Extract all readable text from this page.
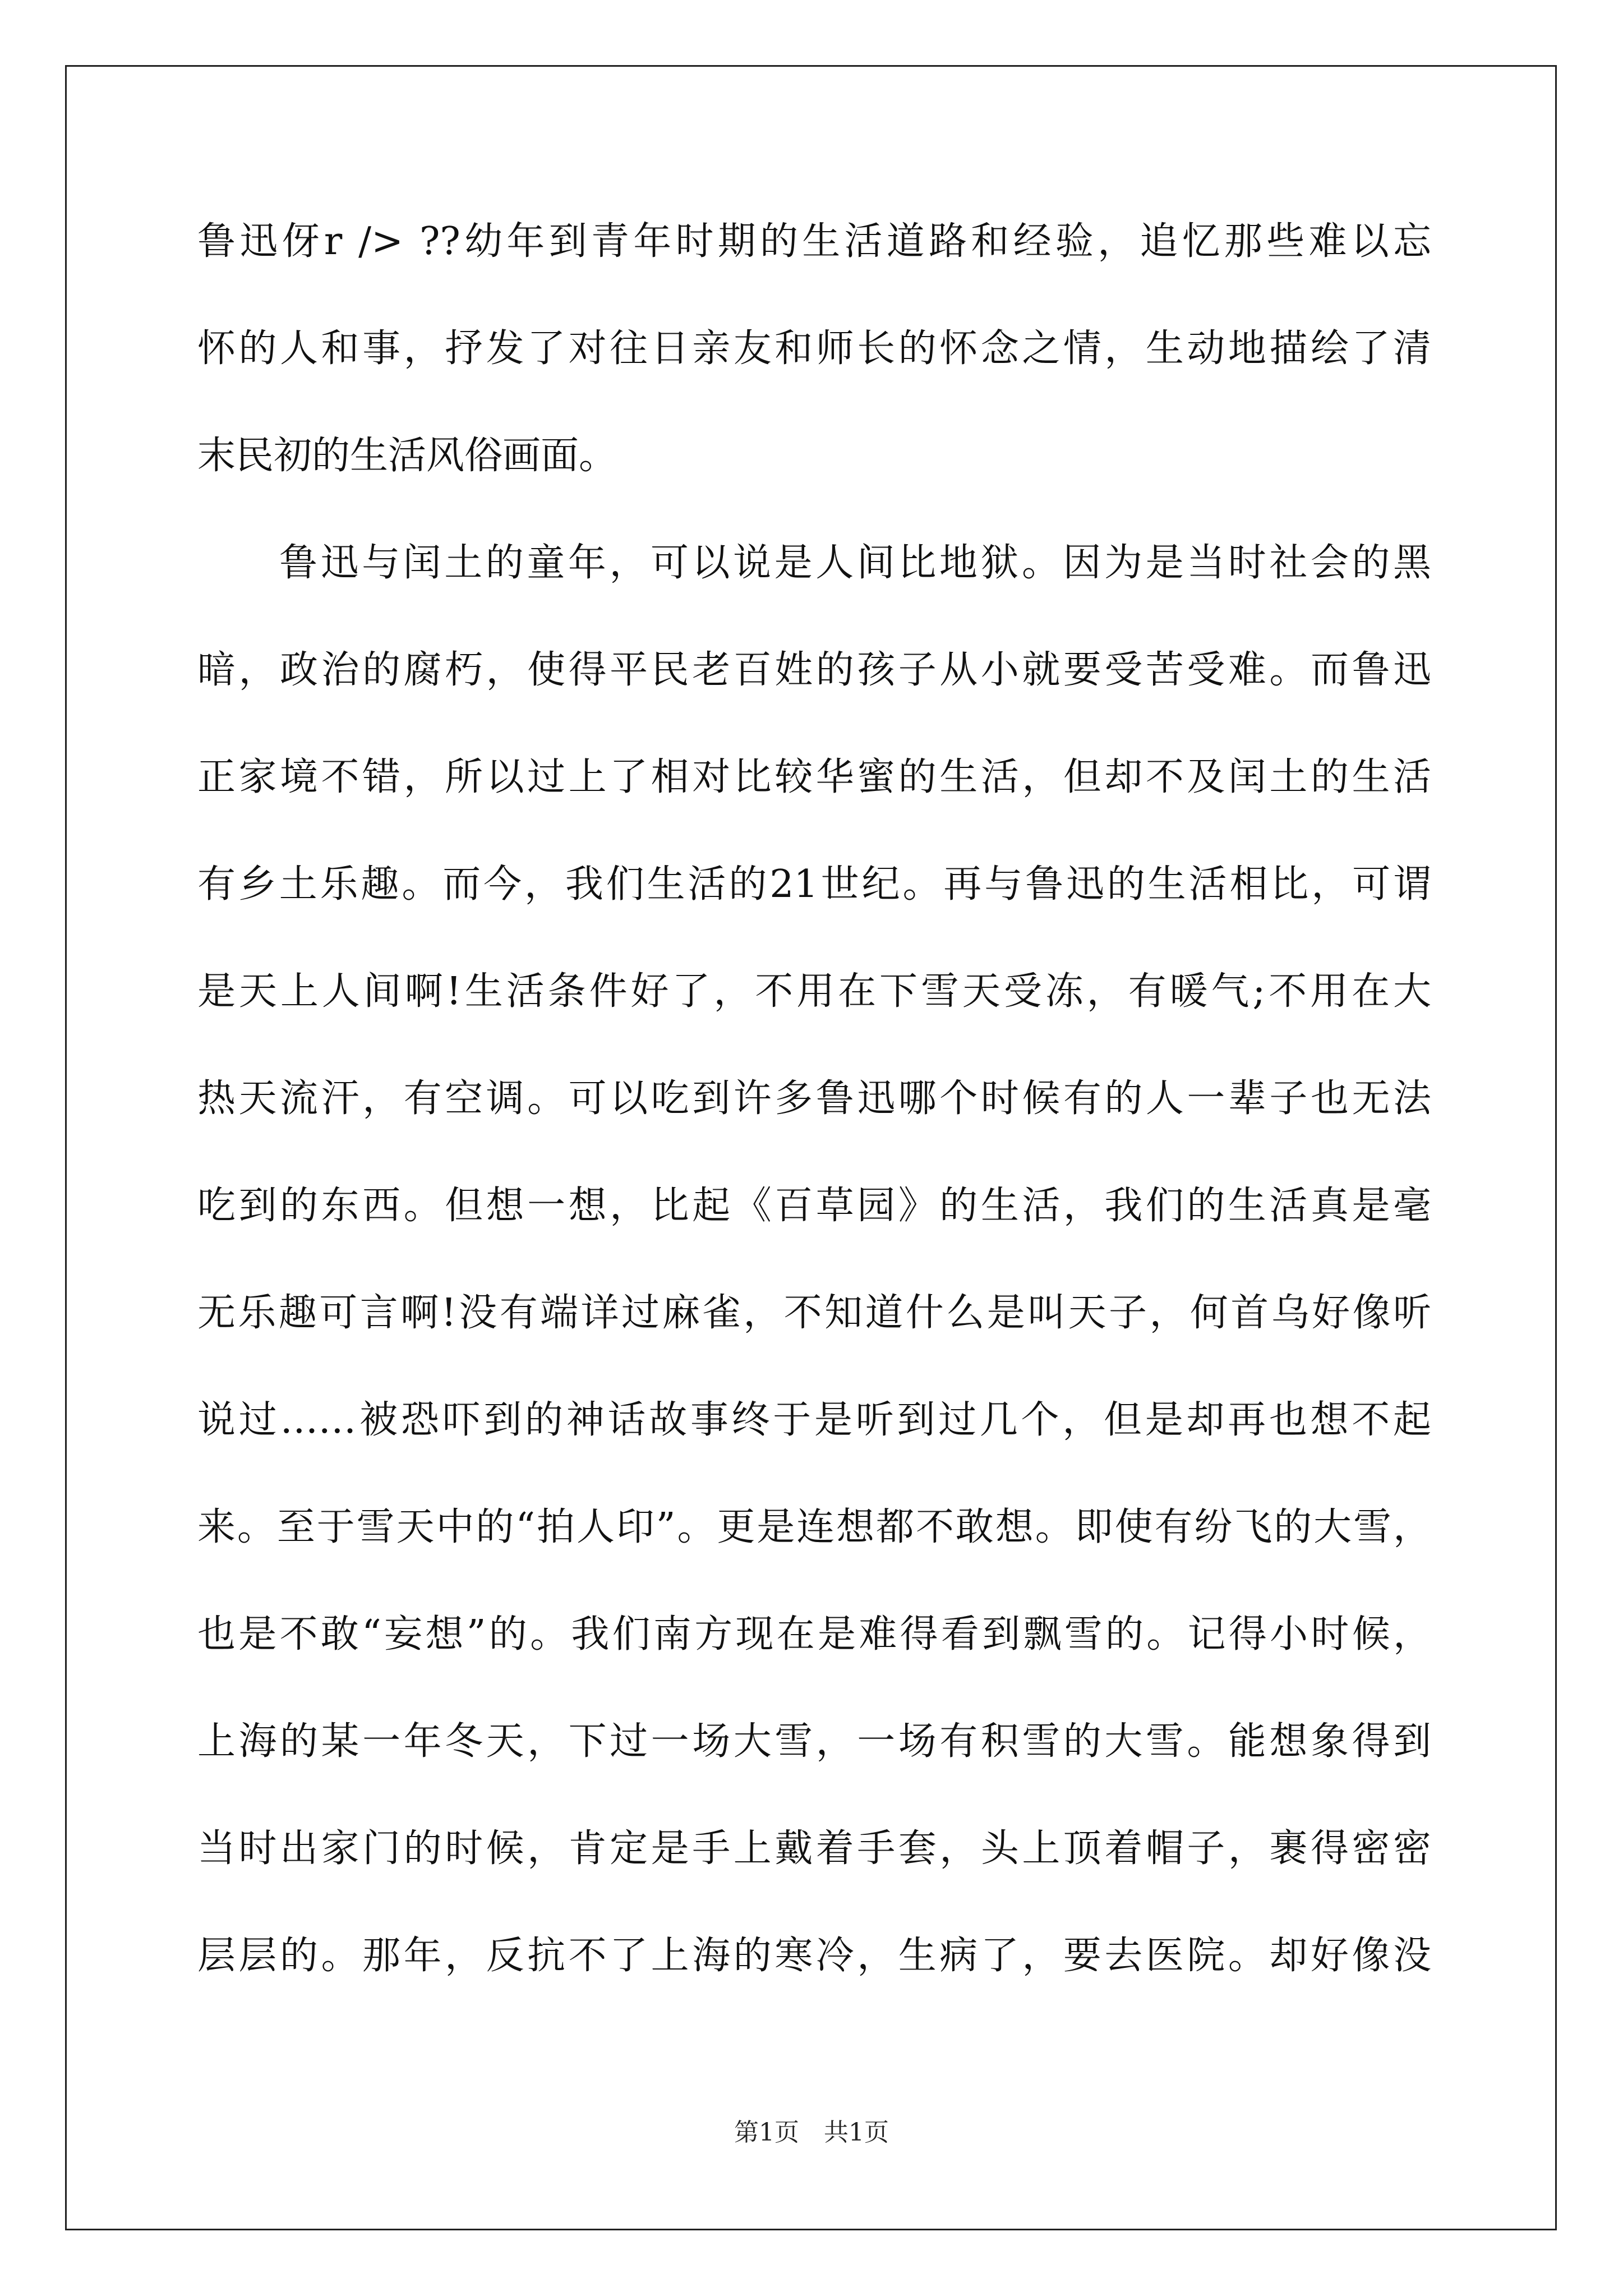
鲁迅伢r /> ??幼年到青年时期的生活道路和经验，追忆那些难以忘
怀的人和事，抒发了对往日亲友和师长的怀念之情，生动地描绘了清
末民初的生活风俗画面。
鲁迅与闰土的童年，可以说是人间比地狱。因为是当时社会的黑
暗，政治的腐朽，使得平民老百姓的孩子从小就要受苦受难。而鲁迅
正家境不错，所以过上了相对比较华蜜的生活，但却不及闰土的生活
有乡土乐趣。而今，我们生活的21世纪。再与鲁迅的生活相比，可谓
是天上人间啊!生活条件好了，不用在下雪天受冻，有暖气;不用在大
热天流汗，有空调。可以吃到许多鲁迅哪个时候有的人一辈子也无法
吃到的东西。但想一想，比起《百草园》的生活，我们的生活真是毫
无乐趣可言啊!没有端详过麻雀，不知道什么是叫天子，何首乌好像听
说过……被恐吓到的神话故事终于是听到过几个，但是却再也想不起
来。至于雪天中的“拍人印”。更是连想都不敢想。即使有纷飞的大雪，
也是不敢“妄想”的。我们南方现在是难得看到飘雪的。记得小时候，
上海的某一年冬天，下过一场大雪，一场有积雪的大雪。能想象得到
当时出家门的时候，肯定是手上戴着手套，头上顶着帽子，裹得密密
层层的。那年，反抗不了上海的寒冷，生病了，要去医院。却好像没
第1页　共1页
